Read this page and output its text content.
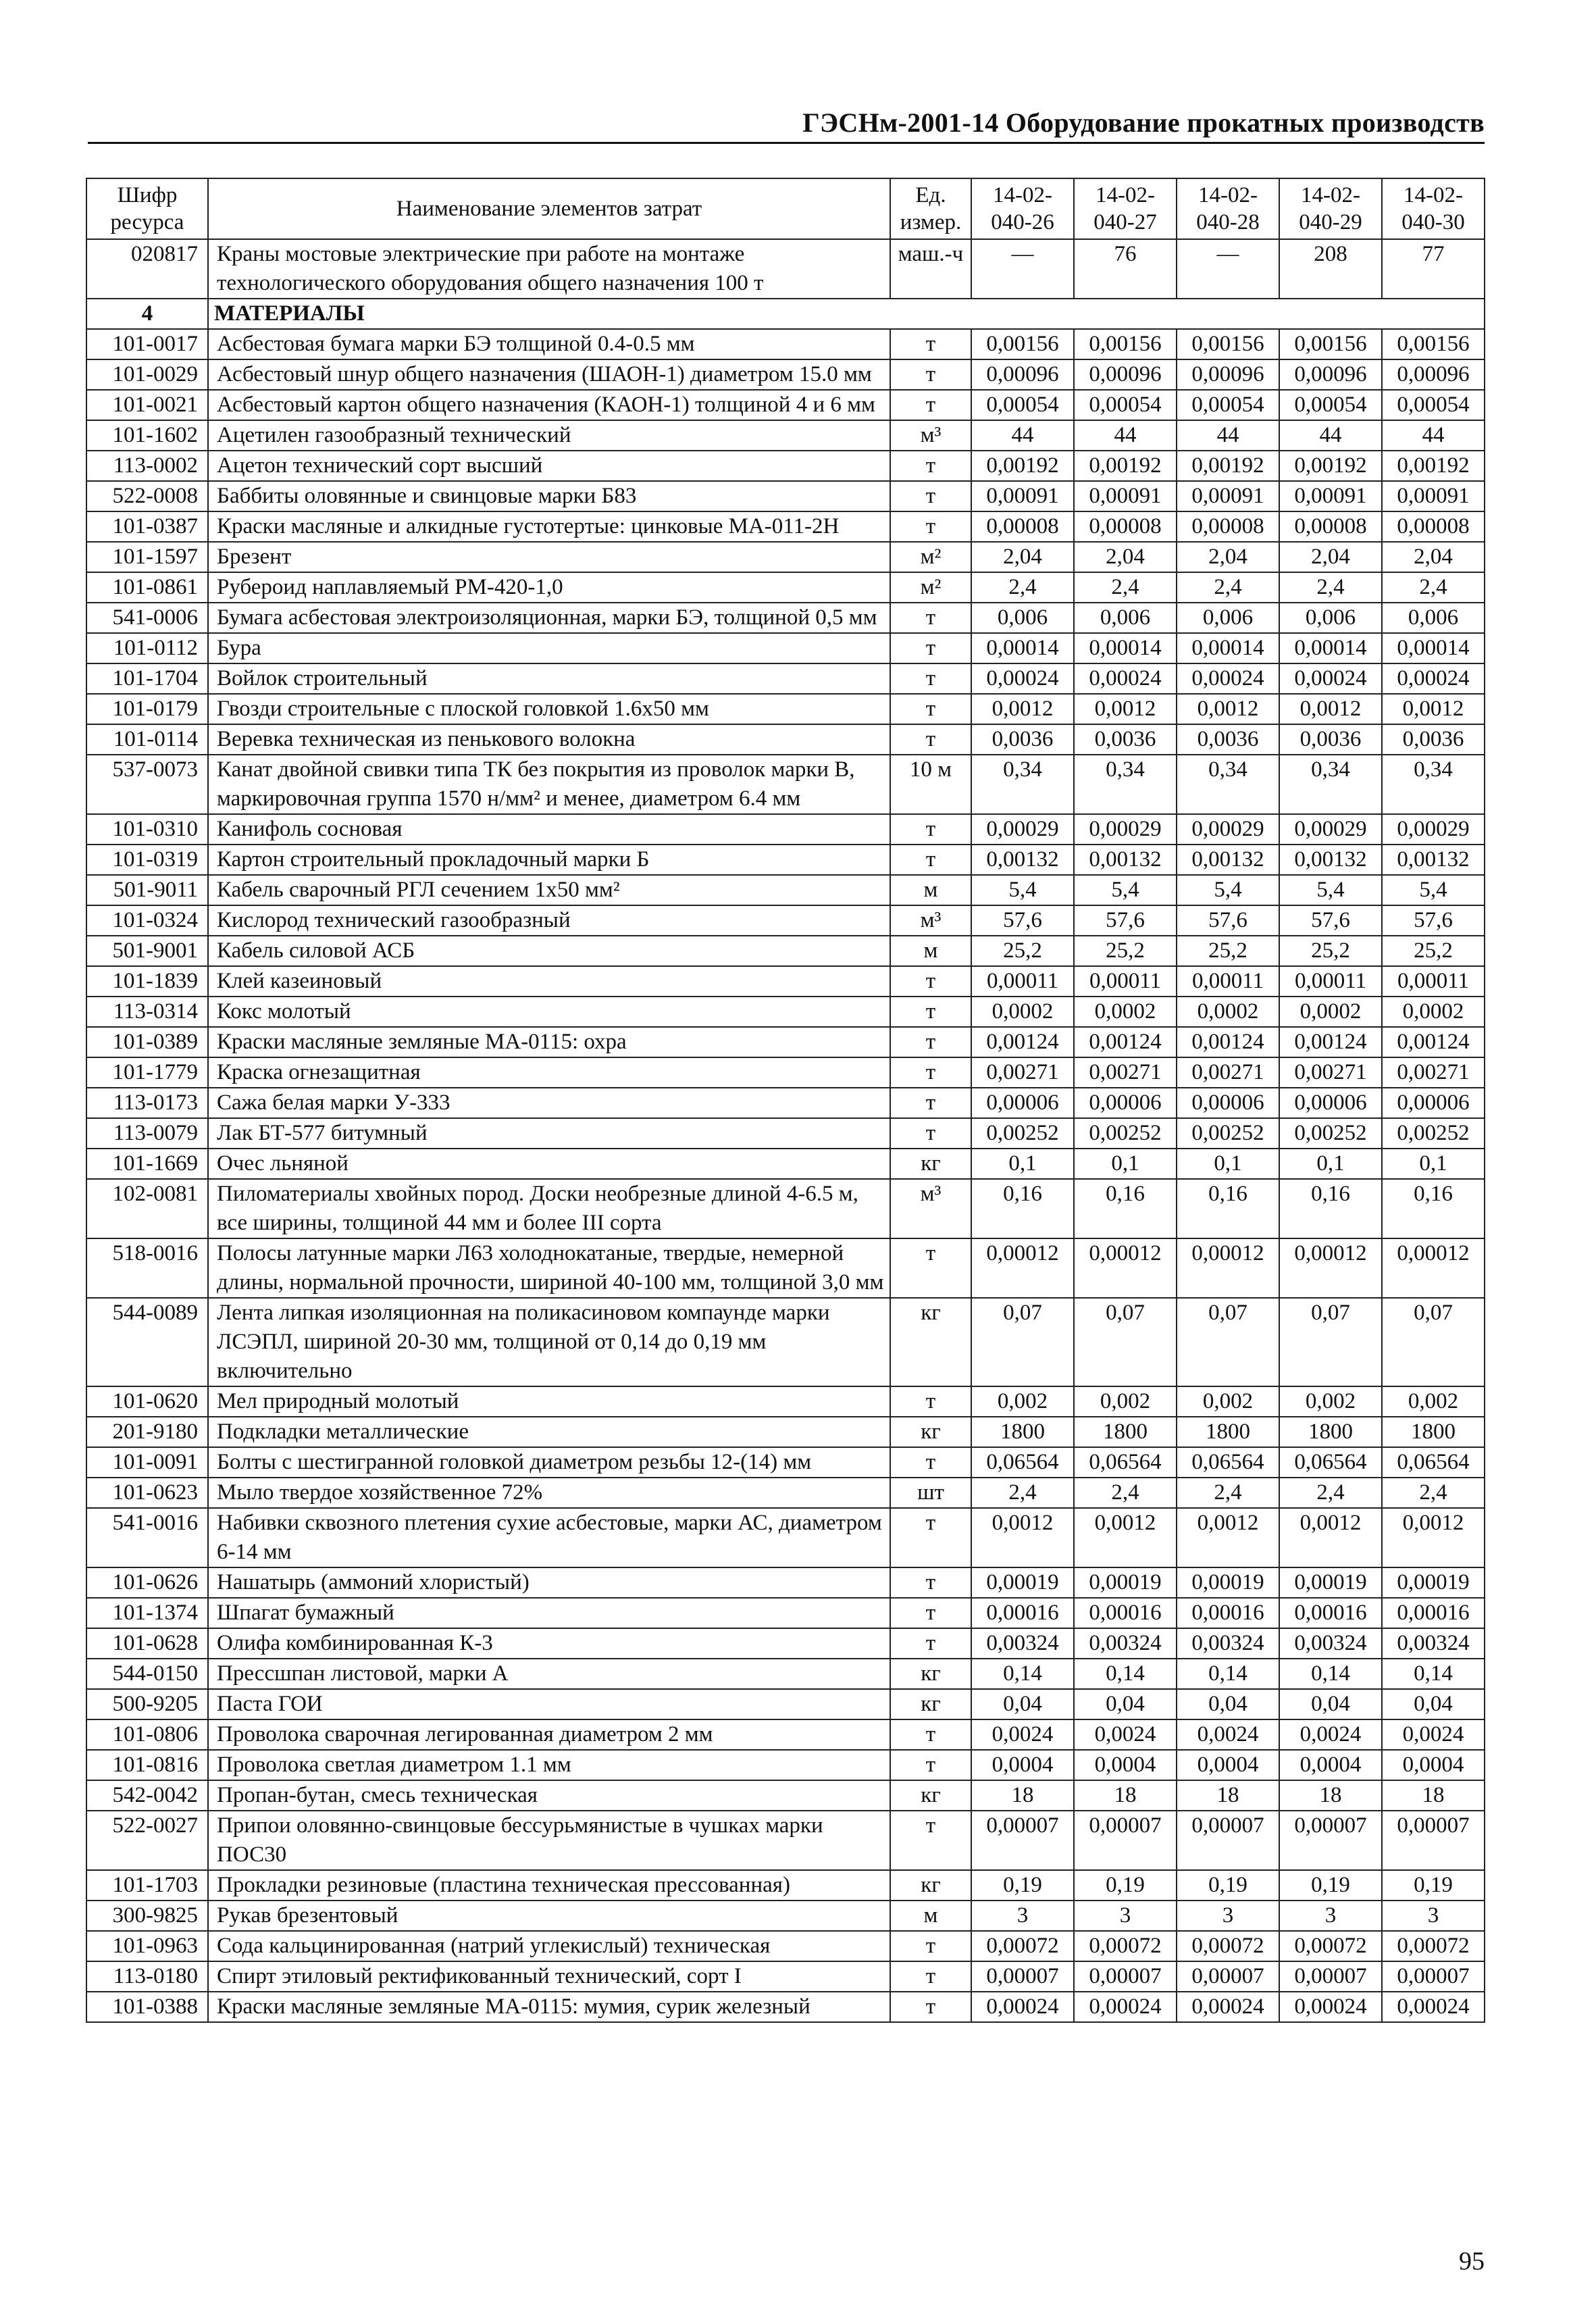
ГЭСНм-2001-14 Оборудование прокатных производств
Шифр ресурса	Наименование элементов затрат	Ед. измер.	14-02-040-26	14-02-040-27	14-02-040-28	14-02-040-29	14-02-040-30
020817	Краны мостовые электрические при работе на монтаже технологического оборудования общего назначения 100 т	маш.-ч	—	76	—	208	77
4	МАТЕРИАЛЫ						
101-0017	Асбестовая бумага марки БЭ толщиной 0.4-0.5 мм	т	0,00156	0,00156	0,00156	0,00156	0,00156
101-0029	Асбестовый шнур общего назначения (ШАОН-1) диаметром 15.0 мм	т	0,00096	0,00096	0,00096	0,00096	0,00096
101-0021	Асбестовый картон общего назначения (КАОН-1) толщиной 4 и 6 мм	т	0,00054	0,00054	0,00054	0,00054	0,00054
101-1602	Ацетилен газообразный технический	м³	44	44	44	44	44
113-0002	Ацетон технический сорт высший	т	0,00192	0,00192	0,00192	0,00192	0,00192
522-0008	Баббиты оловянные и свинцовые марки Б83	т	0,00091	0,00091	0,00091	0,00091	0,00091
101-0387	Краски масляные и алкидные густотертые: цинковые МА-011-2Н	т	0,00008	0,00008	0,00008	0,00008	0,00008
101-1597	Брезент	м²	2,04	2,04	2,04	2,04	2,04
101-0861	Рубероид наплавляемый РМ-420-1,0	м²	2,4	2,4	2,4	2,4	2,4
541-0006	Бумага асбестовая электроизоляционная, марки БЭ, толщиной 0,5 мм	т	0,006	0,006	0,006	0,006	0,006
101-0112	Бура	т	0,00014	0,00014	0,00014	0,00014	0,00014
101-1704	Войлок строительный	т	0,00024	0,00024	0,00024	0,00024	0,00024
101-0179	Гвозди строительные с плоской головкой 1.6x50 мм	т	0,0012	0,0012	0,0012	0,0012	0,0012
101-0114	Веревка техническая из пенькового волокна	т	0,0036	0,0036	0,0036	0,0036	0,0036
537-0073	Канат двойной свивки типа ТК без покрытия из проволок марки В, маркировочная группа 1570 н/мм² и менее, диаметром 6.4 мм	10 м	0,34	0,34	0,34	0,34	0,34
101-0310	Канифоль сосновая	т	0,00029	0,00029	0,00029	0,00029	0,00029
101-0319	Картон строительный прокладочный марки Б	т	0,00132	0,00132	0,00132	0,00132	0,00132
501-9011	Кабель сварочный РГЛ сечением 1x50 мм²	м	5,4	5,4	5,4	5,4	5,4
101-0324	Кислород технический газообразный	м³	57,6	57,6	57,6	57,6	57,6
501-9001	Кабель силовой АСБ	м	25,2	25,2	25,2	25,2	25,2
101-1839	Клей казеиновый	т	0,00011	0,00011	0,00011	0,00011	0,00011
113-0314	Кокс молотый	т	0,0002	0,0002	0,0002	0,0002	0,0002
101-0389	Краски масляные земляные МА-0115: охра	т	0,00124	0,00124	0,00124	0,00124	0,00124
101-1779	Краска огнезащитная	т	0,00271	0,00271	0,00271	0,00271	0,00271
113-0173	Сажа белая марки У-333	т	0,00006	0,00006	0,00006	0,00006	0,00006
113-0079	Лак БТ-577 битумный	т	0,00252	0,00252	0,00252	0,00252	0,00252
101-1669	Очес льняной	кг	0,1	0,1	0,1	0,1	0,1
102-0081	Пиломатериалы хвойных пород. Доски необрезные длиной 4-6.5 м, все ширины, толщиной 44 мм и более III сорта	м³	0,16	0,16	0,16	0,16	0,16
518-0016	Полосы латунные марки Л63 холоднокатаные, твердые, немерной длины, нормальной прочности, шириной 40-100 мм, толщиной 3,0 мм	т	0,00012	0,00012	0,00012	0,00012	0,00012
544-0089	Лента липкая изоляционная на поликасиновом компаунде марки ЛСЭПЛ, шириной 20-30 мм, толщиной от 0,14 до 0,19 мм включительно	кг	0,07	0,07	0,07	0,07	0,07
101-0620	Мел природный молотый	т	0,002	0,002	0,002	0,002	0,002
201-9180	Подкладки металлические	кг	1800	1800	1800	1800	1800
101-0091	Болты с шестигранной головкой диаметром резьбы 12-(14) мм	т	0,06564	0,06564	0,06564	0,06564	0,06564
101-0623	Мыло твердое хозяйственное 72%	шт	2,4	2,4	2,4	2,4	2,4
541-0016	Набивки сквозного плетения сухие асбестовые, марки АС, диаметром 6-14 мм	т	0,0012	0,0012	0,0012	0,0012	0,0012
101-0626	Нашатырь (аммоний хлористый)	т	0,00019	0,00019	0,00019	0,00019	0,00019
101-1374	Шпагат бумажный	т	0,00016	0,00016	0,00016	0,00016	0,00016
101-0628	Олифа комбинированная К-3	т	0,00324	0,00324	0,00324	0,00324	0,00324
544-0150	Прессшпан листовой, марки А	кг	0,14	0,14	0,14	0,14	0,14
500-9205	Паста ГОИ	кг	0,04	0,04	0,04	0,04	0,04
101-0806	Проволока сварочная легированная диаметром 2 мм	т	0,0024	0,0024	0,0024	0,0024	0,0024
101-0816	Проволока светлая диаметром 1.1 мм	т	0,0004	0,0004	0,0004	0,0004	0,0004
542-0042	Пропан-бутан, смесь техническая	кг	18	18	18	18	18
522-0027	Припои оловянно-свинцовые бессурьмянистые в чушках марки ПОС30	т	0,00007	0,00007	0,00007	0,00007	0,00007
101-1703	Прокладки резиновые (пластина техническая прессованная)	кг	0,19	0,19	0,19	0,19	0,19
300-9825	Рукав брезентовый	м	3	3	3	3	3
101-0963	Сода кальцинированная (натрий углекислый) техническая	т	0,00072	0,00072	0,00072	0,00072	0,00072
113-0180	Спирт этиловый ректификованный технический, сорт I	т	0,00007	0,00007	0,00007	0,00007	0,00007
101-0388	Краски масляные земляные МА-0115: мумия, сурик железный	т	0,00024	0,00024	0,00024	0,00024	0,00024
95
